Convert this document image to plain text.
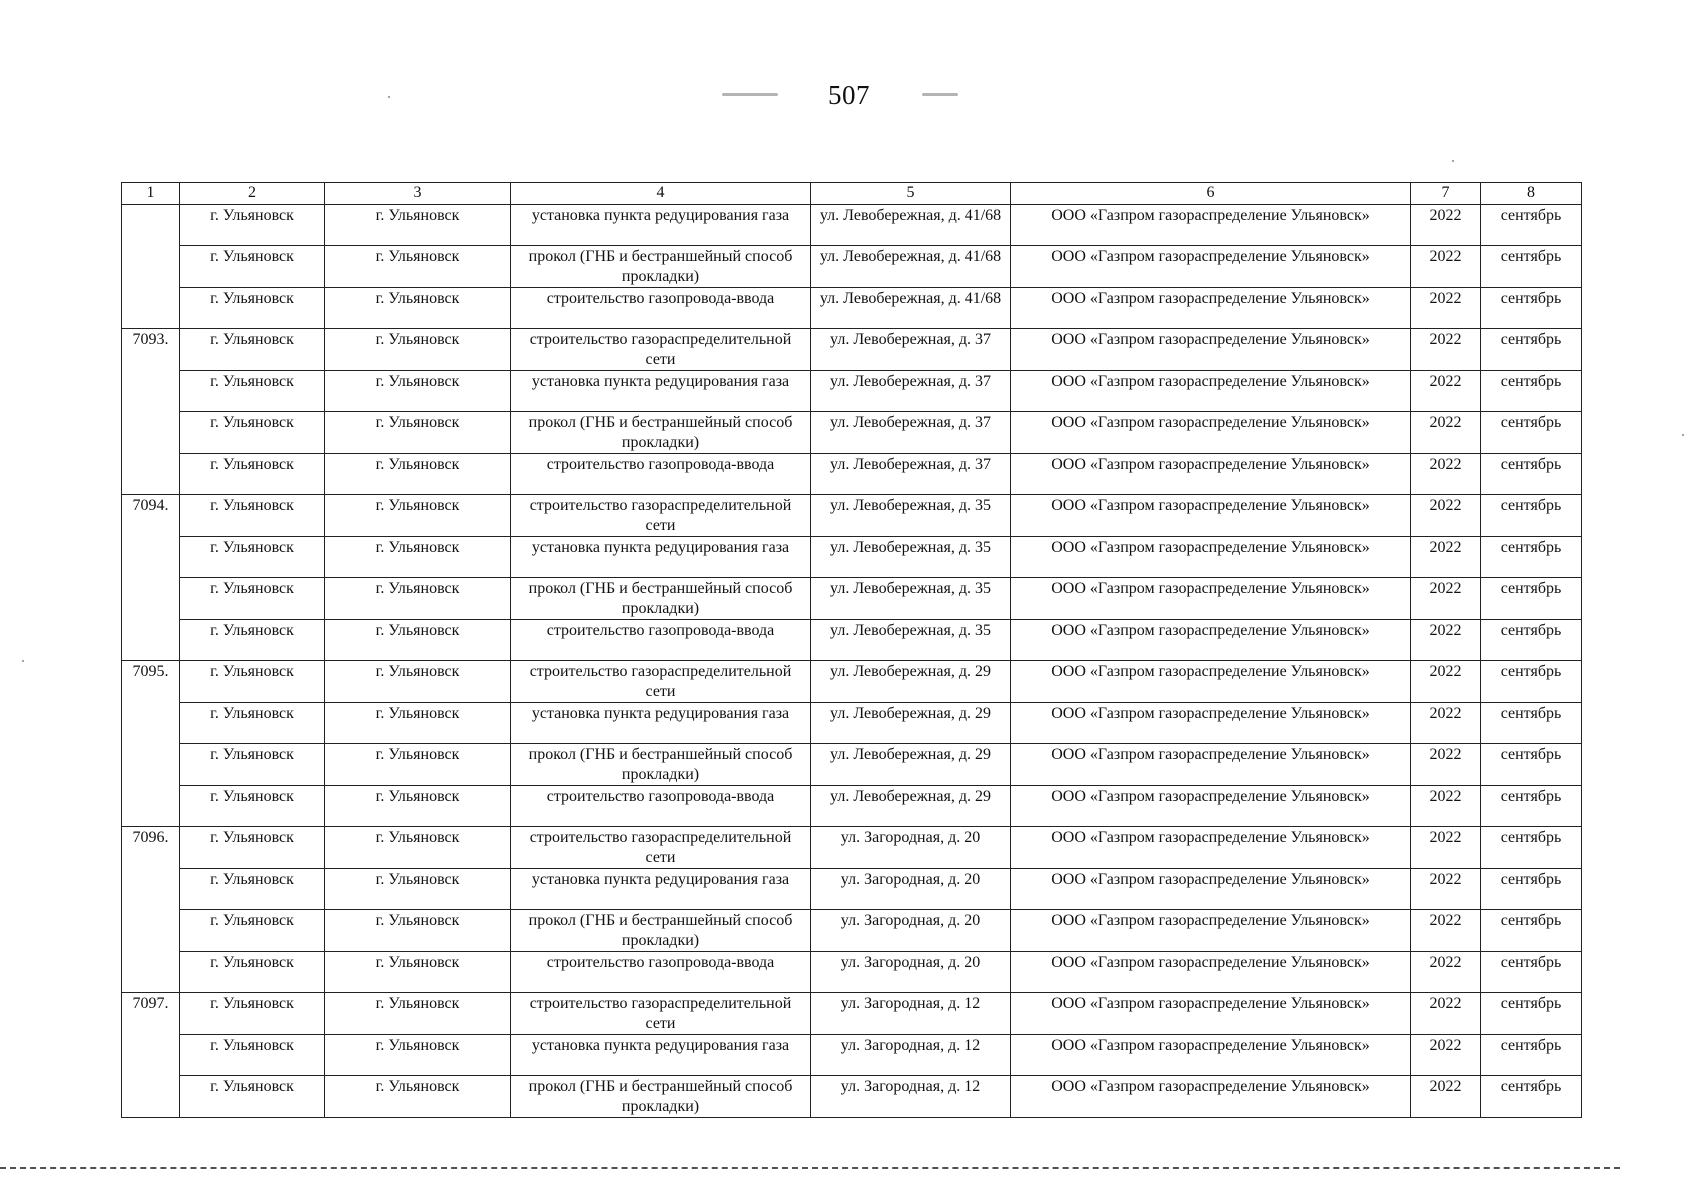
507
1	2	3	4	5	6	7	8
	г. Ульяновск	г. Ульяновск	установка пункта редуцирования газа	ул. Левобережная, д. 41/68	ООО «Газпром газораспределение Ульяновск»	2022	сентябрь
	г. Ульяновск	г. Ульяновск	прокол (ГНБ и бестраншейный способ прокладки)	ул. Левобережная, д. 41/68	ООО «Газпром газораспределение Ульяновск»	2022	сентябрь
	г. Ульяновск	г. Ульяновск	строительство газопровода-ввода	ул. Левобережная, д. 41/68	ООО «Газпром газораспределение Ульяновск»	2022	сентябрь
7093.	г. Ульяновск	г. Ульяновск	строительство газораспределительной сети	ул. Левобережная, д. 37	ООО «Газпром газораспределение Ульяновск»	2022	сентябрь
	г. Ульяновск	г. Ульяновск	установка пункта редуцирования газа	ул. Левобережная, д. 37	ООО «Газпром газораспределение Ульяновск»	2022	сентябрь
	г. Ульяновск	г. Ульяновск	прокол (ГНБ и бестраншейный способ прокладки)	ул. Левобережная, д. 37	ООО «Газпром газораспределение Ульяновск»	2022	сентябрь
	г. Ульяновск	г. Ульяновск	строительство газопровода-ввода	ул. Левобережная, д. 37	ООО «Газпром газораспределение Ульяновск»	2022	сентябрь
7094.	г. Ульяновск	г. Ульяновск	строительство газораспределительной сети	ул. Левобережная, д. 35	ООО «Газпром газораспределение Ульяновск»	2022	сентябрь
	г. Ульяновск	г. Ульяновск	установка пункта редуцирования газа	ул. Левобережная, д. 35	ООО «Газпром газораспределение Ульяновск»	2022	сентябрь
	г. Ульяновск	г. Ульяновск	прокол (ГНБ и бестраншейный способ прокладки)	ул. Левобережная, д. 35	ООО «Газпром газораспределение Ульяновск»	2022	сентябрь
	г. Ульяновск	г. Ульяновск	строительство газопровода-ввода	ул. Левобережная, д. 35	ООО «Газпром газораспределение Ульяновск»	2022	сентябрь
7095.	г. Ульяновск	г. Ульяновск	строительство газораспределительной сети	ул. Левобережная, д. 29	ООО «Газпром газораспределение Ульяновск»	2022	сентябрь
	г. Ульяновск	г. Ульяновск	установка пункта редуцирования газа	ул. Левобережная, д. 29	ООО «Газпром газораспределение Ульяновск»	2022	сентябрь
	г. Ульяновск	г. Ульяновск	прокол (ГНБ и бестраншейный способ прокладки)	ул. Левобережная, д. 29	ООО «Газпром газораспределение Ульяновск»	2022	сентябрь
	г. Ульяновск	г. Ульяновск	строительство газопровода-ввода	ул. Левобережная, д. 29	ООО «Газпром газораспределение Ульяновск»	2022	сентябрь
7096.	г. Ульяновск	г. Ульяновск	строительство газораспределительной сети	ул. Загородная, д. 20	ООО «Газпром газораспределение Ульяновск»	2022	сентябрь
	г. Ульяновск	г. Ульяновск	установка пункта редуцирования газа	ул. Загородная, д. 20	ООО «Газпром газораспределение Ульяновск»	2022	сентябрь
	г. Ульяновск	г. Ульяновск	прокол (ГНБ и бестраншейный способ прокладки)	ул. Загородная, д. 20	ООО «Газпром газораспределение Ульяновск»	2022	сентябрь
	г. Ульяновск	г. Ульяновск	строительство газопровода-ввода	ул. Загородная, д. 20	ООО «Газпром газораспределение Ульяновск»	2022	сентябрь
7097.	г. Ульяновск	г. Ульяновск	строительство газораспределительной сети	ул. Загородная, д. 12	ООО «Газпром газораспределение Ульяновск»	2022	сентябрь
	г. Ульяновск	г. Ульяновск	установка пункта редуцирования газа	ул. Загородная, д. 12	ООО «Газпром газораспределение Ульяновск»	2022	сентябрь
	г. Ульяновск	г. Ульяновск	прокол (ГНБ и бестраншейный способ прокладки)	ул. Загородная, д. 12	ООО «Газпром газораспределение Ульяновск»	2022	сентябрь
